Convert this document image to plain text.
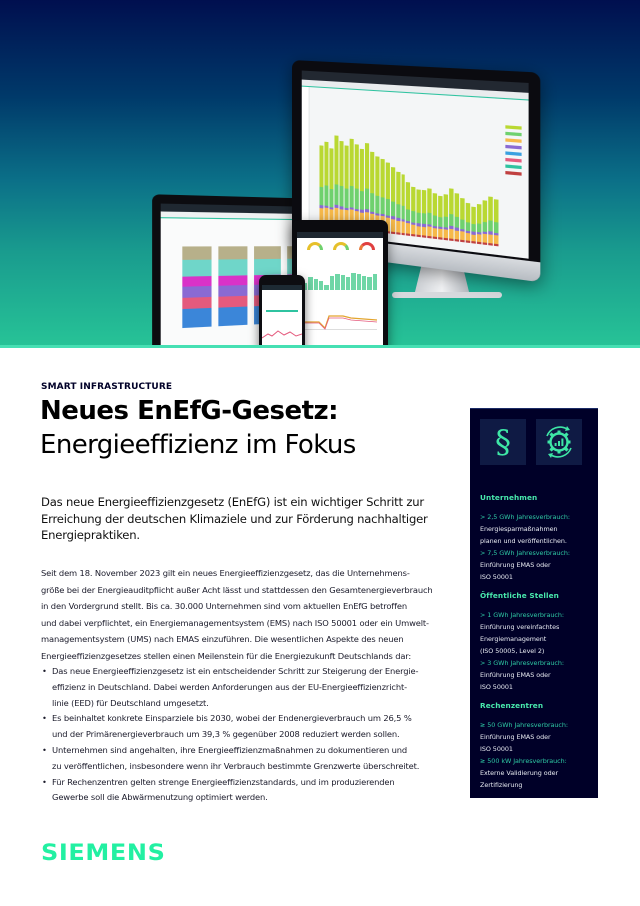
SMART INFRASTRUCTURE
Neues EnEfG-Gesetz:
Energieeffizienz im Fokus

Das neue Energieeffizienzgesetz (EnEfG) ist ein wichtiger Schritt zur Erreichung der deutschen Klimaziele und zur Förderung nachhaltiger Energiepraktiken.

Seit dem 18. November 2023 gilt ein neues Energieeffizienzgesetz, das die Unternehmens-
größe bei der Energieauditpflicht außer Acht lässt und stattdessen den Gesamtenergieverbrauch
in den Vordergrund stellt. Bis ca. 30.000 Unternehmen sind vom aktuellen EnEfG betroffen
und dabei verpflichtet, ein Energiemanagementsystem (EMS) nach ISO 50001 oder ein Umwelt-
managementsystem (UMS) nach EMAS einzuführen. Die wesentlichen Aspekte des neuen
Energieeffizienzgesetzes stellen einen Meilenstein für die Energiezukunft Deutschlands dar:
• Das neue Energieeffizienzgesetz ist ein entscheidender Schritt zur Steigerung der Energie-
effizienz in Deutschland. Dabei werden Anforderungen aus der EU-Energieeffizienzricht-
linie (EED) für Deutschland umgesetzt.
• Es beinhaltet konkrete Einsparziele bis 2030, wobei der Endenergieverbrauch um 26,5 %
und der Primärenergieverbrauch um 39,3 % gegenüber 2008 reduziert werden sollen.
• Unternehmen sind angehalten, ihre Energieeffizienzmaßnahmen zu dokumentieren und
zu veröffentlichen, insbesondere wenn ihr Verbrauch bestimmte Grenzwerte überschreitet.
• Für Rechenzentren gelten strenge Energieeffizienzstandards, und im produzierenden
Gewerbe soll die Abwärmenutzung optimiert werden.
§
Unternehmen
> 2,5 GWh Jahresverbrauch:
Energiesparmaßnahmen
planen und veröffentlichen.
> 7,5 GWh Jahresverbrauch:
Einführung EMAS oder
ISO 50001
Öffentliche Stellen
> 1 GWh Jahresverbrauch:
Einführung vereinfachtes
Energiemanagement
(ISO 50005, Level 2)
> 3 GWh Jahresverbrauch:
Einführung EMAS oder
ISO 50001
Rechenzentren
≥ 50 GWh Jahresverbrauch:
Einführung EMAS oder
ISO 50001
≥ 500 kW Jahresverbrauch:
Externe Validierung oder
Zertifizierung
SIEMENS
